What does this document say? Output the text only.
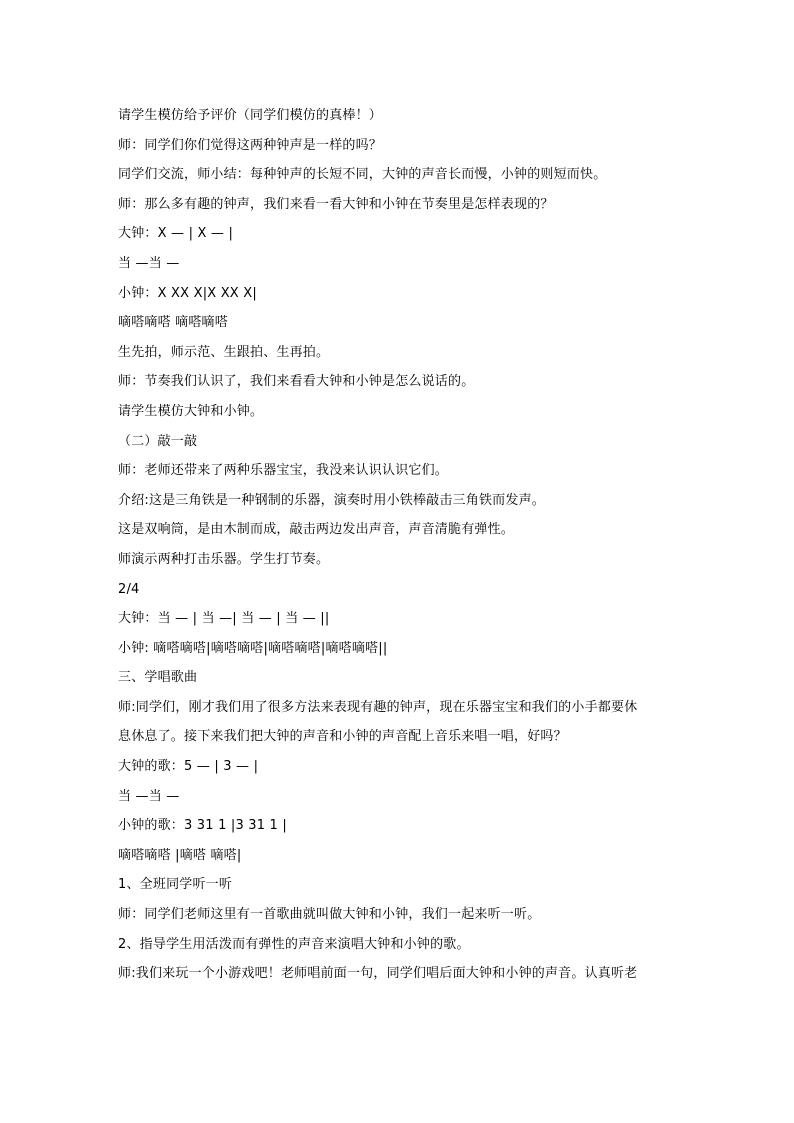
请学生模仿给予评价（同学们模仿的真棒！）
师：同学们你们觉得这两种钟声是一样的吗？
同学们交流，师小结：每种钟声的长短不同，大钟的声音长而慢，小钟的则短而快。
师：那么多有趣的钟声，我们来看一看大钟和小钟在节奏里是怎样表现的？
大钟：X — | X — |
当 —当 —
小钟：X XX X|X XX X|
嘀嗒嘀嗒 嘀嗒嘀嗒
生先拍，师示范、生跟拍、生再拍。
师：节奏我们认识了，我们来看看大钟和小钟是怎么说话的。
请学生模仿大钟和小钟。
（二）敲一敲
师：老师还带来了两种乐器宝宝，我没来认识认识它们。
介绍:这是三角铁是一种钢制的乐器，演奏时用小铁棒敲击三角铁而发声。
这是双响筒，是由木制而成，敲击两边发出声音，声音清脆有弹性。
师演示两种打击乐器。学生打节奏。
2/4
大钟：当 — | 当 —| 当 — | 当 — ||
小钟: 嘀嗒嘀嗒|嘀嗒嘀嗒|嘀嗒嘀嗒|嘀嗒嘀嗒||
三、学唱歌曲
师:同学们，刚才我们用了很多方法来表现有趣的钟声，现在乐器宝宝和我们的小手都要休
息休息了。接下来我们把大钟的声音和小钟的声音配上音乐来唱一唱，好吗？
大钟的歌：5 — | 3 — |
当 —当 —
小钟的歌：3 31 1 |3 31 1 |
嘀嗒嘀嗒 |嘀嗒 嘀嗒|
1、全班同学听一听
师：同学们老师这里有一首歌曲就叫做大钟和小钟，我们一起来听一听。
2、指导学生用活泼而有弹性的声音来演唱大钟和小钟的歌。
师:我们来玩一个小游戏吧！老师唱前面一句，同学们唱后面大钟和小钟的声音。认真听老
